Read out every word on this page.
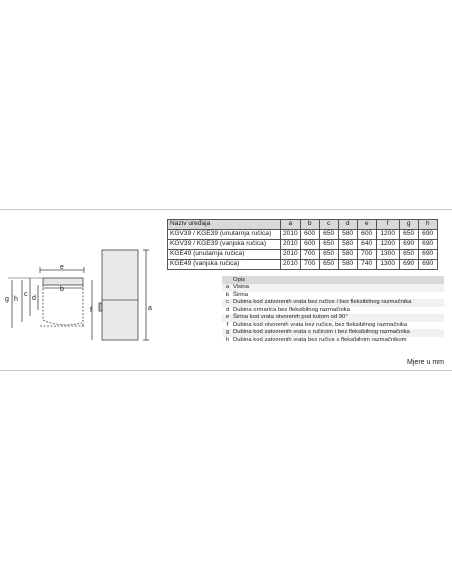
e
b
h
g
c
d
a
f
Naziv uređaja	a	b	c	d	e	f	g	h
KGV39 / KGE39 (unutarnja ručica)	2010	600	650	580	600	1200	650	690
KGV39 / KGE39 (vanjska ručica)	2010	600	650	580	640	1200	690	690
KGE49 (unutarnja ručica)	2010	700	650	580	700	1300	650	690
KGE49 (vanjska ručica)	2010	700	650	580	740	1300	690	690
Opis
a Visina
b Širina
c Dubina kod zatvorenih vrata bez ručice i bez fleksibilnog razmačnika
d Dubina ormarića bez fleksibilnog razmačnika
e Širina kod vrata otvorenih pod kutom od 90°
f Dubina kod otvorenih vrata bez ručice, bez fleksibilnog razmačnika
g Dubina kod zatvorenih vrata s ručicom i bez fleksibilnog razmačnika
h Dubina kod zatvorenih vrata bez ručice s fleksibilnim razmačnikom
Mjere u mm
